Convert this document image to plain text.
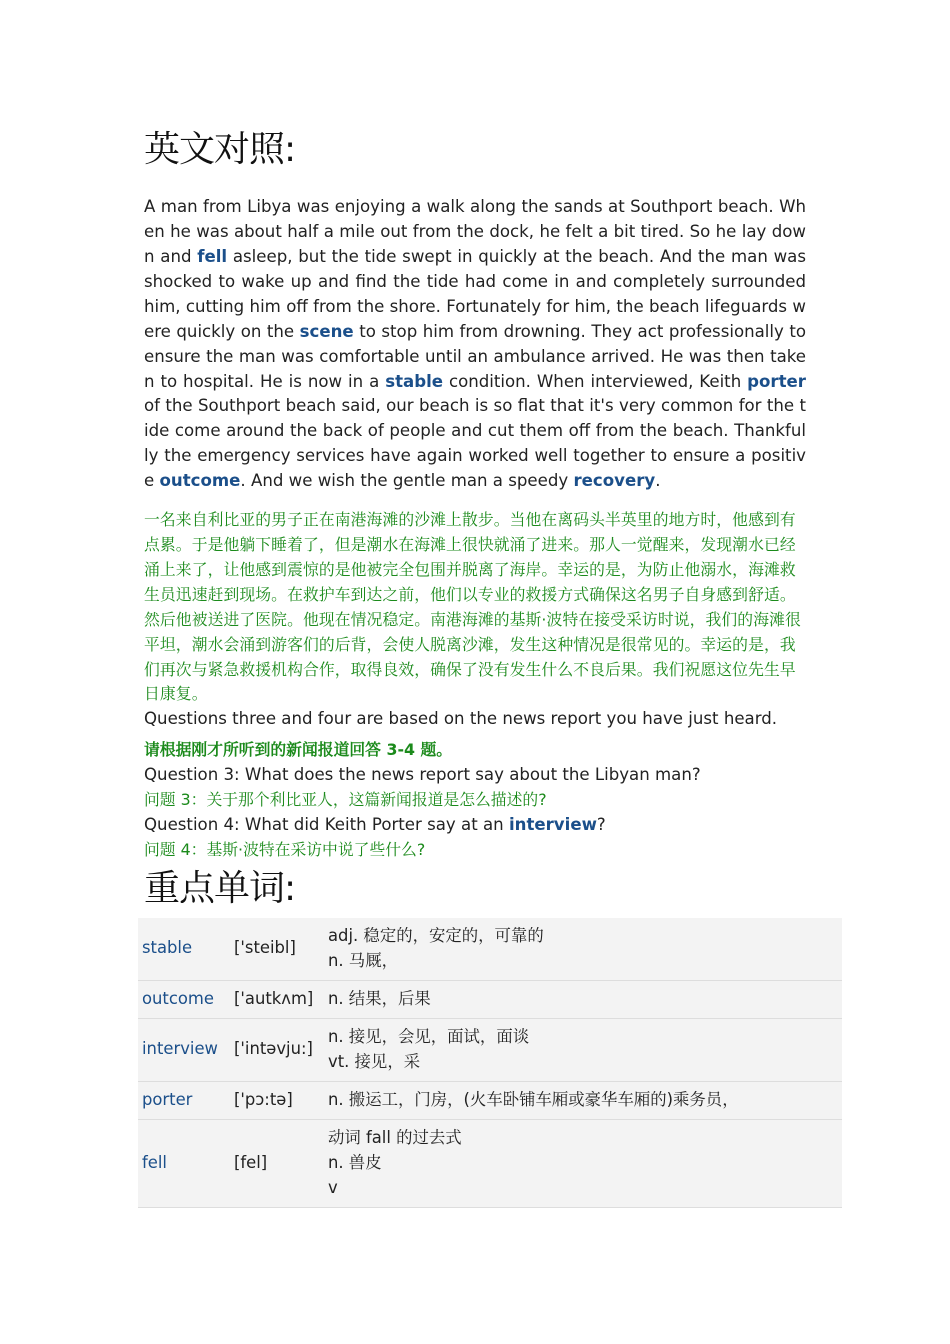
英文对照:

A man from Libya was enjoying a walk along the sands at Southport beach. When he was about half a mile out from the dock, he felt a bit tired. So he lay down and fell asleep, but the tide swept in quickly at the beach. And the man was shocked to wake up and find the tide had come in and completely surrounded him, cutting him off from the shore. Fortunately for him, the beach lifeguards were quickly on the scene to stop him from drowning. They act professionally to ensure the man was comfortable until an ambulance arrived. He was then taken to hospital. He is now in a stable condition. When interviewed, Keith porter of the Southport beach said, our beach is so flat that it's very common for the tide come around the back of people and cut them off from the beach. Thankfully the emergency services have again worked well together to ensure a positive outcome. And we wish the gentle man a speedy recovery.

一名来自利比亚的男子正在南港海滩的沙滩上散步。当他在离码头半英里的地方时，他感到有点累。于是他躺下睡着了，但是潮水在海滩上很快就涌了进来。那人一觉醒来，发现潮水已经涌上来了，让他感到震惊的是他被完全包围并脱离了海岸。幸运的是，为防止他溺水，海滩救生员迅速赶到现场。在救护车到达之前，他们以专业的救援方式确保这名男子自身感到舒适。然后他被送进了医院。他现在情况稳定。南港海滩的基斯·波特在接受采访时说，我们的海滩很平坦，潮水会涌到游客们的后背，会使人脱离沙滩，发生这种情况是很常见的。幸运的是，我们再次与紧急救援机构合作，取得良效，确保了没有发生什么不良后果。我们祝愿这位先生早日康复。

Questions three and four are based on the news report you have just heard.

请根据刚才所听到的新闻报道回答 3-4 题。

Question 3: What does the news report say about the Libyan man?

问题 3：关于那个利比亚人，这篇新闻报道是怎么描述的?

Question 4: What did Keith Porter say at an interview?

问题 4：基斯·波特在采访中说了些什么?

重点单词:
stable	['steibl]	adj. 稳定的，安定的，可靠的
n. 马厩，

outcome	['autkʌm]	n. 结果，后果

interview	['intəvju:]	n. 接见，会见，面试，面谈
vt. 接见，采

porter	['pɔ:tə]	n. 搬运工，门房，(火车卧铺车厢或豪华车厢的)乘务员，

fell	[fel]	动词 fall 的过去式
n. 兽皮
v
